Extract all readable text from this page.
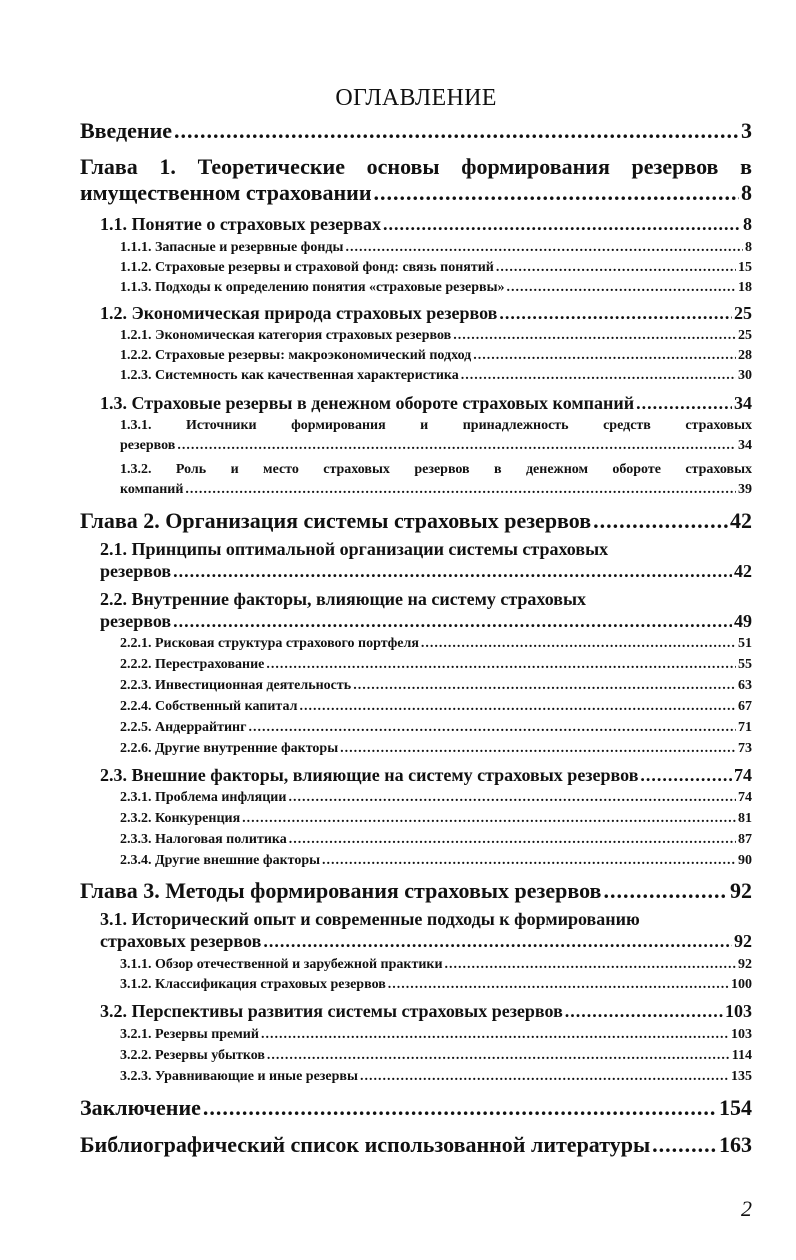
ОГЛАВЛЕНИЕ
Введение .....	3
Глава 1. Теоретические основы формирования резервов в
имущественном страховании .....	8
1.1. Понятие о страховых резервах .....	8
1.1.1. Запасные и резервные фонды .....	8
1.1.2. Страховые резервы и страховой фонд: связь понятий .....	15
1.1.3. Подходы к определению понятия «страховые резервы» .....	18
1.2. Экономическая природа страховых резервов .....	25
1.2.1. Экономическая категория страховых резервов .....	25
1.2.2. Страховые резервы: макроэкономический подход .....	28
1.2.3. Системность как качественная характеристика .....	30
1.3. Страховые резервы в денежном обороте страховых компаний .....	34
1.3.1. Источники формирования и принадлежность средств страховых
резервов .....	34
1.3.2. Роль и место страховых резервов в денежном обороте страховых
компаний .....	39
Глава 2. Организация системы страховых резервов .....	42
2.1. Принципы оптимальной организации системы страховых
резервов .....	42
2.2. Внутренние факторы, влияющие на систему страховых
резервов .....	49
2.2.1. Рисковая структура страхового портфеля .....	51
2.2.2. Перестрахование .....	55
2.2.3. Инвестиционная деятельность .....	63
2.2.4. Собственный капитал .....	67
2.2.5. Андеррайтинг .....	71
2.2.6. Другие внутренние факторы .....	73
2.3. Внешние факторы, влияющие на систему страховых резервов .....	74
2.3.1. Проблема инфляции .....	74
2.3.2. Конкуренция .....	81
2.3.3. Налоговая политика .....	87
2.3.4. Другие внешние факторы .....	90
Глава 3. Методы формирования страховых резервов .....	92
3.1. Исторический опыт и современные подходы к формированию
страховых резервов .....	92
3.1.1. Обзор отечественной и зарубежной практики .....	92
3.1.2. Классификация страховых резервов .....	100
3.2. Перспективы развития системы страховых резервов .....	103
3.2.1. Резервы премий .....	103
3.2.2. Резервы убытков .....	114
3.2.3. Уравнивающие и иные резервы .....	135
Заключение .....	154
Библиографический список использованной литературы .....	163
2
